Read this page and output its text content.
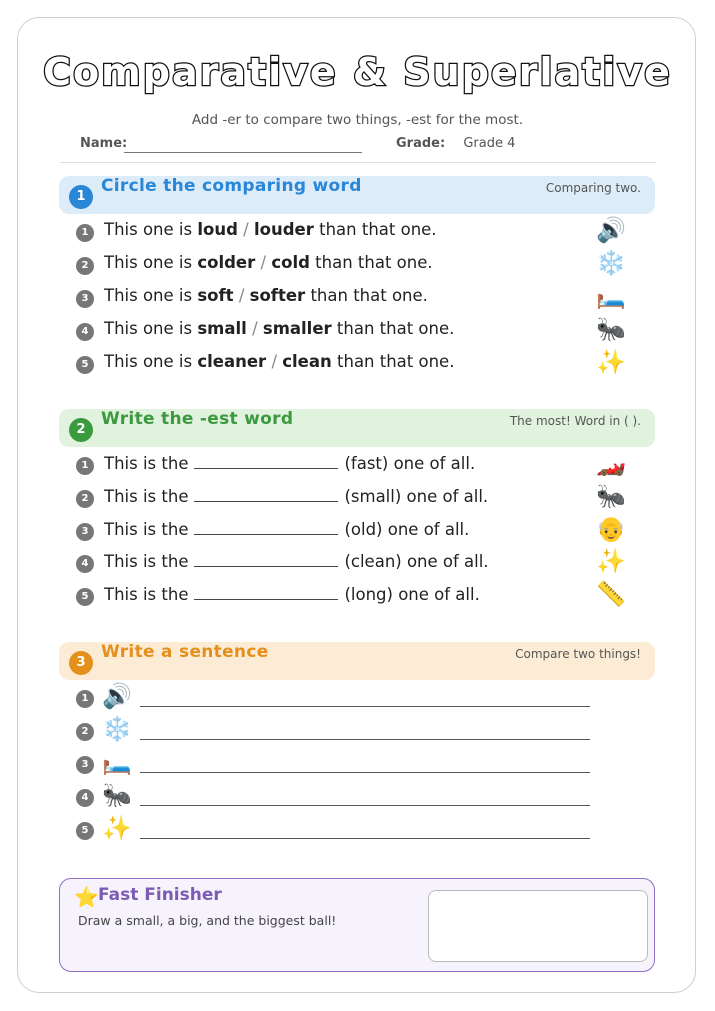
Comparative & Superlative
Add -er to compare two things, -est for the most.
Name:	Grade: Grade 4
1
Circle the comparing word	Comparing two.
1 This one is loud / louder than that one.	🔊
2 This one is colder / cold than that one.	❄️
3 This one is soft / softer than that one.	🛏️
4 This one is small / smaller than that one.	🐜
5 This one is cleaner / clean than that one.	✨
2
Write the -est word	The most! Word in ( ).
1 This is the	(fast) one of all.	🏎️
2 This is the	(small) one of all.	🐜
3 This is the	(old) one of all.	👴
4 This is the	(clean) one of all.	✨
5 This is the	(long) one of all.	📏
3
Write a sentence	Compare two things!
1 🔊
2 ❄️
3 🛏️
4 🐜
5 ✨
⭐ Fast Finisher
Draw a small, a big, and the biggest ball!
